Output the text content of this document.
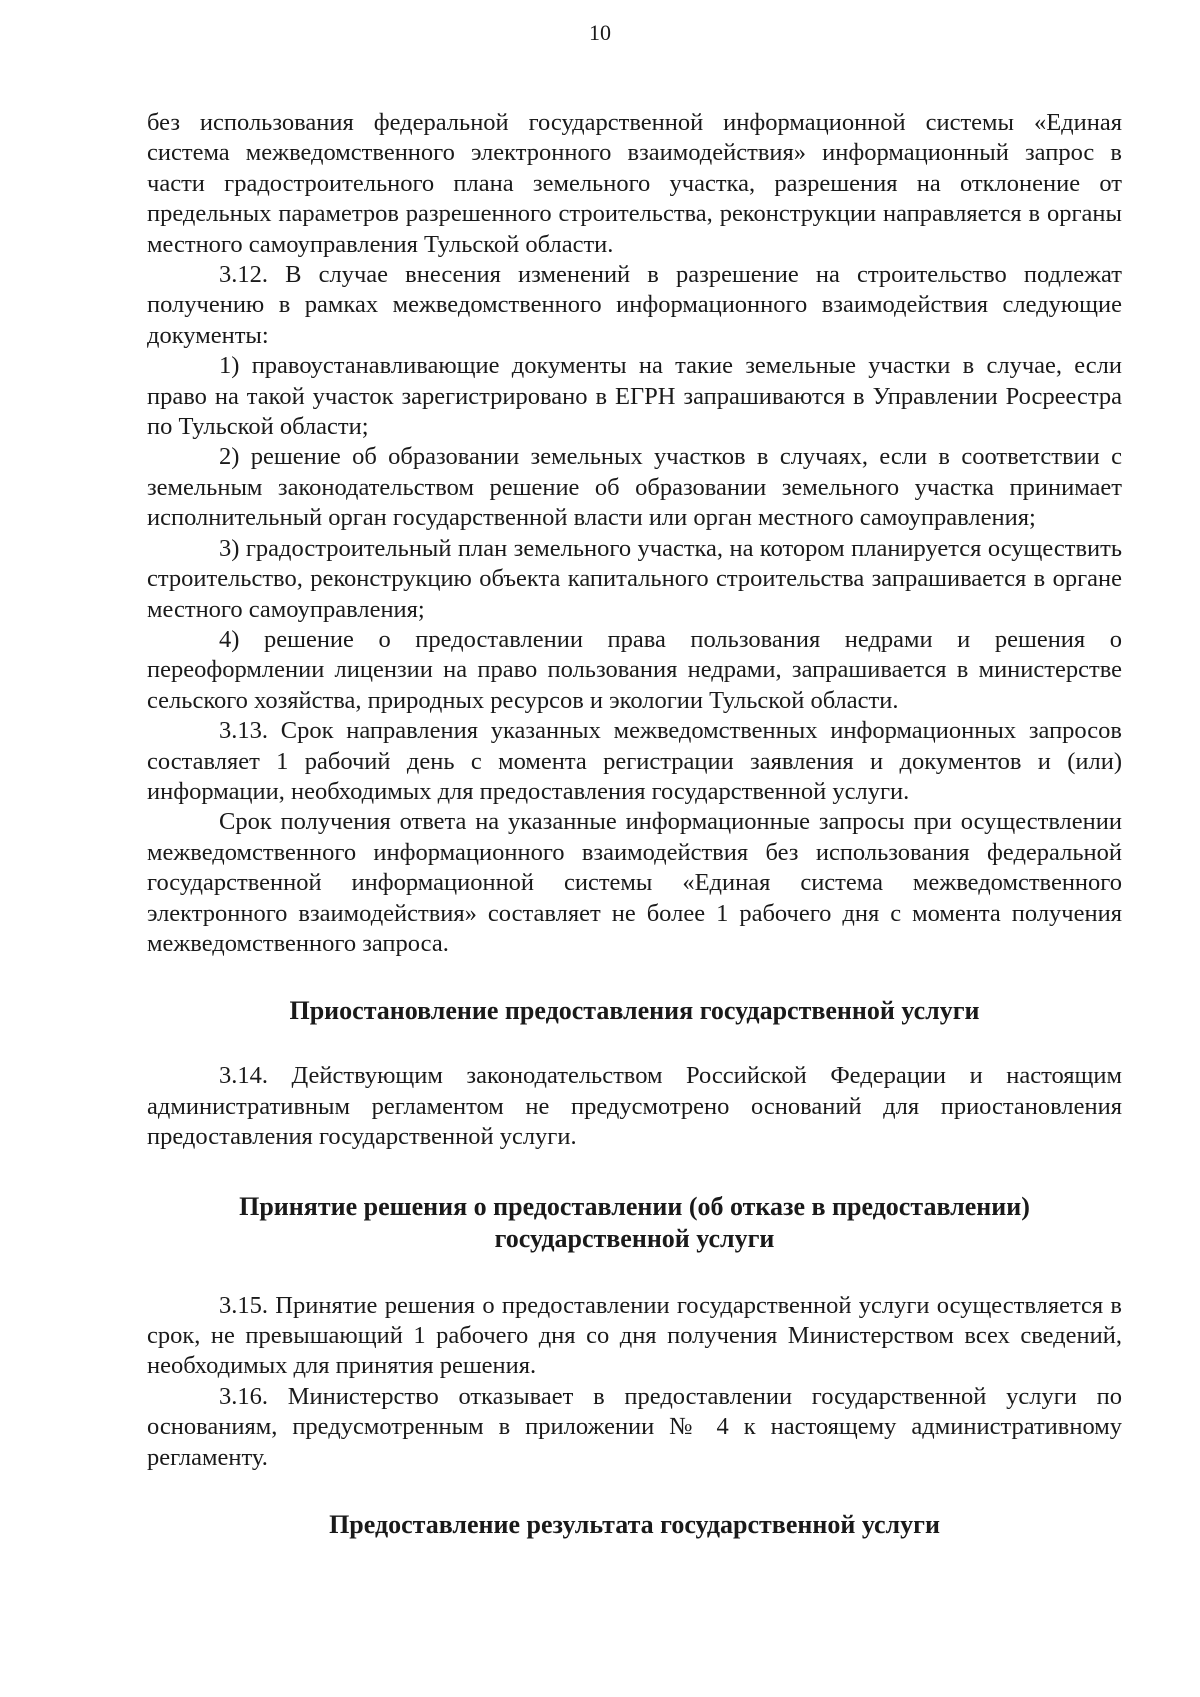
10

без использования федеральной государственной информационной системы «Единая система межведомственного электронного взаимодействия» информационный запрос в части градостроительного плана земельного участка, разрешения на отклонение от предельных параметров разрешенного строительства, реконструкции направляется в органы местного самоуправления Тульской области.

3.12. В случае внесения изменений в разрешение на строительство подлежат получению в рамках межведомственного информационного взаимодействия следующие документы:

1) правоустанавливающие документы на такие земельные участки в случае, если право на такой участок зарегистрировано в ЕГРН запрашиваются в Управлении Росреестра по Тульской области;

2) решение об образовании земельных участков в случаях, если в соответствии с земельным законодательством решение об образовании земельного участка принимает исполнительный орган государственной власти или орган местного самоуправления;

3) градостроительный план земельного участка, на котором планируется осуществить строительство, реконструкцию объекта капитального строительства запрашивается в органе местного самоуправления;

4) решение о предоставлении права пользования недрами и решения о переоформлении лицензии на право пользования недрами, запрашивается в министерстве сельского хозяйства, природных ресурсов и экологии Тульской области.

3.13. Срок направления указанных межведомственных информационных запросов составляет 1 рабочий день с момента регистрации заявления и документов и (или) информации, необходимых для предоставления государственной услуги.

Срок получения ответа на указанные информационные запросы при осуществлении межведомственного информационного взаимодействия без использования федеральной государственной информационной системы «Единая система межведомственного электронного взаимодействия» составляет не более 1 рабочего дня с момента получения межведомственного запроса.

Приостановление предоставления государственной услуги

3.14. Действующим законодательством Российской Федерации и настоящим административным регламентом не предусмотрено оснований для приостановления предоставления государственной услуги.

Принятие решения о предоставлении (об отказе в предоставлении)
государственной услуги

3.15. Принятие решения о предоставлении государственной услуги осуществляется в срок, не превышающий 1 рабочего дня со дня получения Министерством всех сведений, необходимых для принятия решения.

3.16. Министерство отказывает в предоставлении государственной услуги по основаниям, предусмотренным в приложении № 4 к настоящему административному регламенту.

Предоставление результата государственной услуги
